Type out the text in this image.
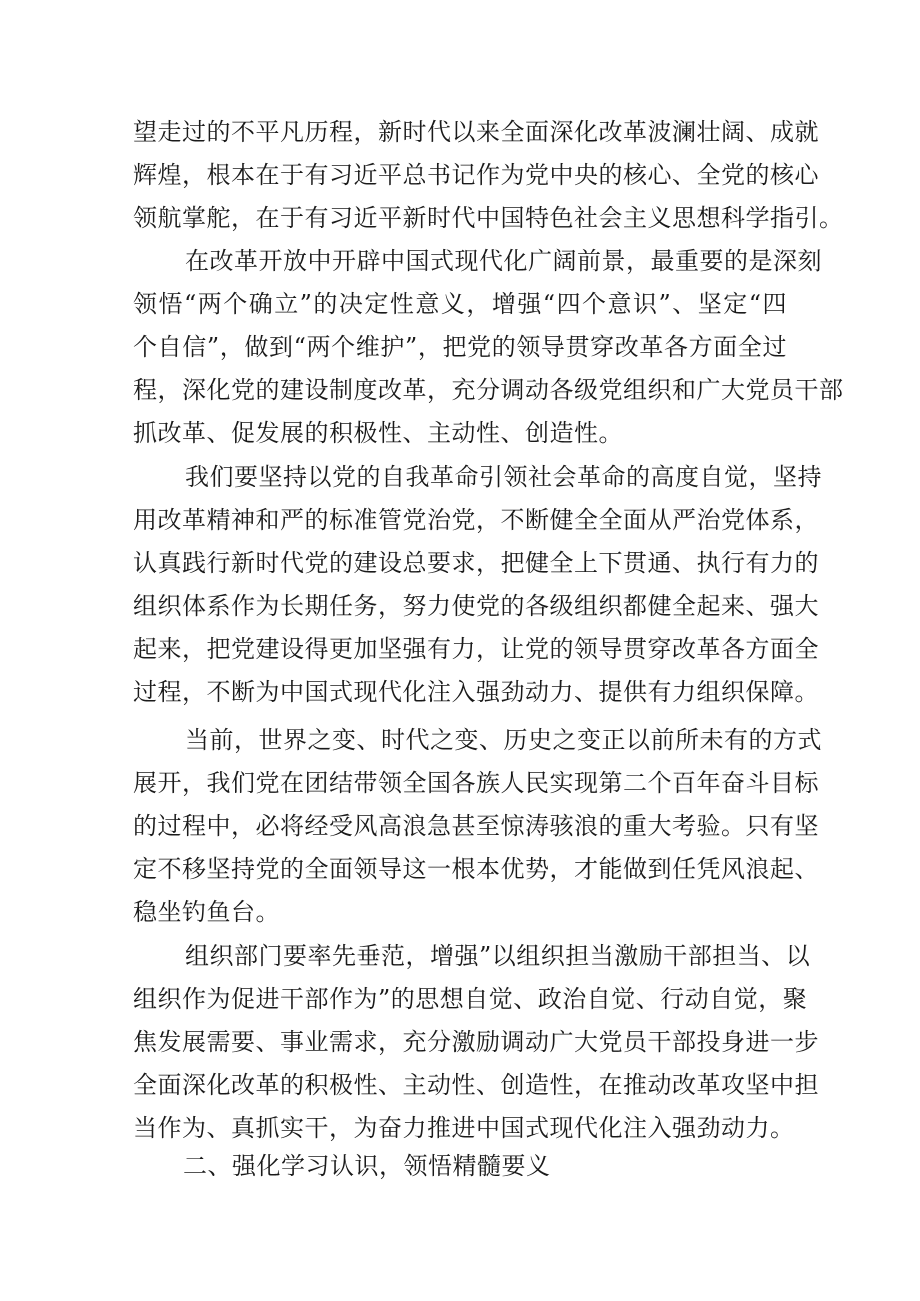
望走过的不平凡历程，新时代以来全面深化改革波澜壮阔、成就
辉煌，根本在于有习近平总书记作为党中央的核心、全党的核心
领航掌舵，在于有习近平新时代中国特色社会主义思想科学指引。
在改革开放中开辟中国式现代化广阔前景，最重要的是深刻
领悟“两个确立”的决定性意义，增强“四个意识”、坚定“四
个自信”，做到“两个维护”，把党的领导贯穿改革各方面全过
程，深化党的建设制度改革，充分调动各级党组织和广大党员干部
抓改革、促发展的积极性、主动性、创造性。
我们要坚持以党的自我革命引领社会革命的高度自觉，坚持
用改革精神和严的标准管党治党，不断健全全面从严治党体系，
认真践行新时代党的建设总要求，把健全上下贯通、执行有力的
组织体系作为长期任务，努力使党的各级组织都健全起来、强大
起来，把党建设得更加坚强有力，让党的领导贯穿改革各方面全
过程，不断为中国式现代化注入强劲动力、提供有力组织保障。
当前，世界之变、时代之变、历史之变正以前所未有的方式
展开，我们党在团结带领全国各族人民实现第二个百年奋斗目标
的过程中，必将经受风高浪急甚至惊涛骇浪的重大考验。只有坚
定不移坚持党的全面领导这一根本优势，才能做到任凭风浪起、
稳坐钓鱼台。
组织部门要率先垂范，增强”以组织担当激励干部担当、以
组织作为促进干部作为”的思想自觉、政治自觉、行动自觉，聚
焦发展需要、事业需求，充分激励调动广大党员干部投身进一步
全面深化改革的积极性、主动性、创造性，在推动改革攻坚中担
当作为、真抓实干，为奋力推进中国式现代化注入强劲动力。
二、强化学习认识，领悟精髓要义
